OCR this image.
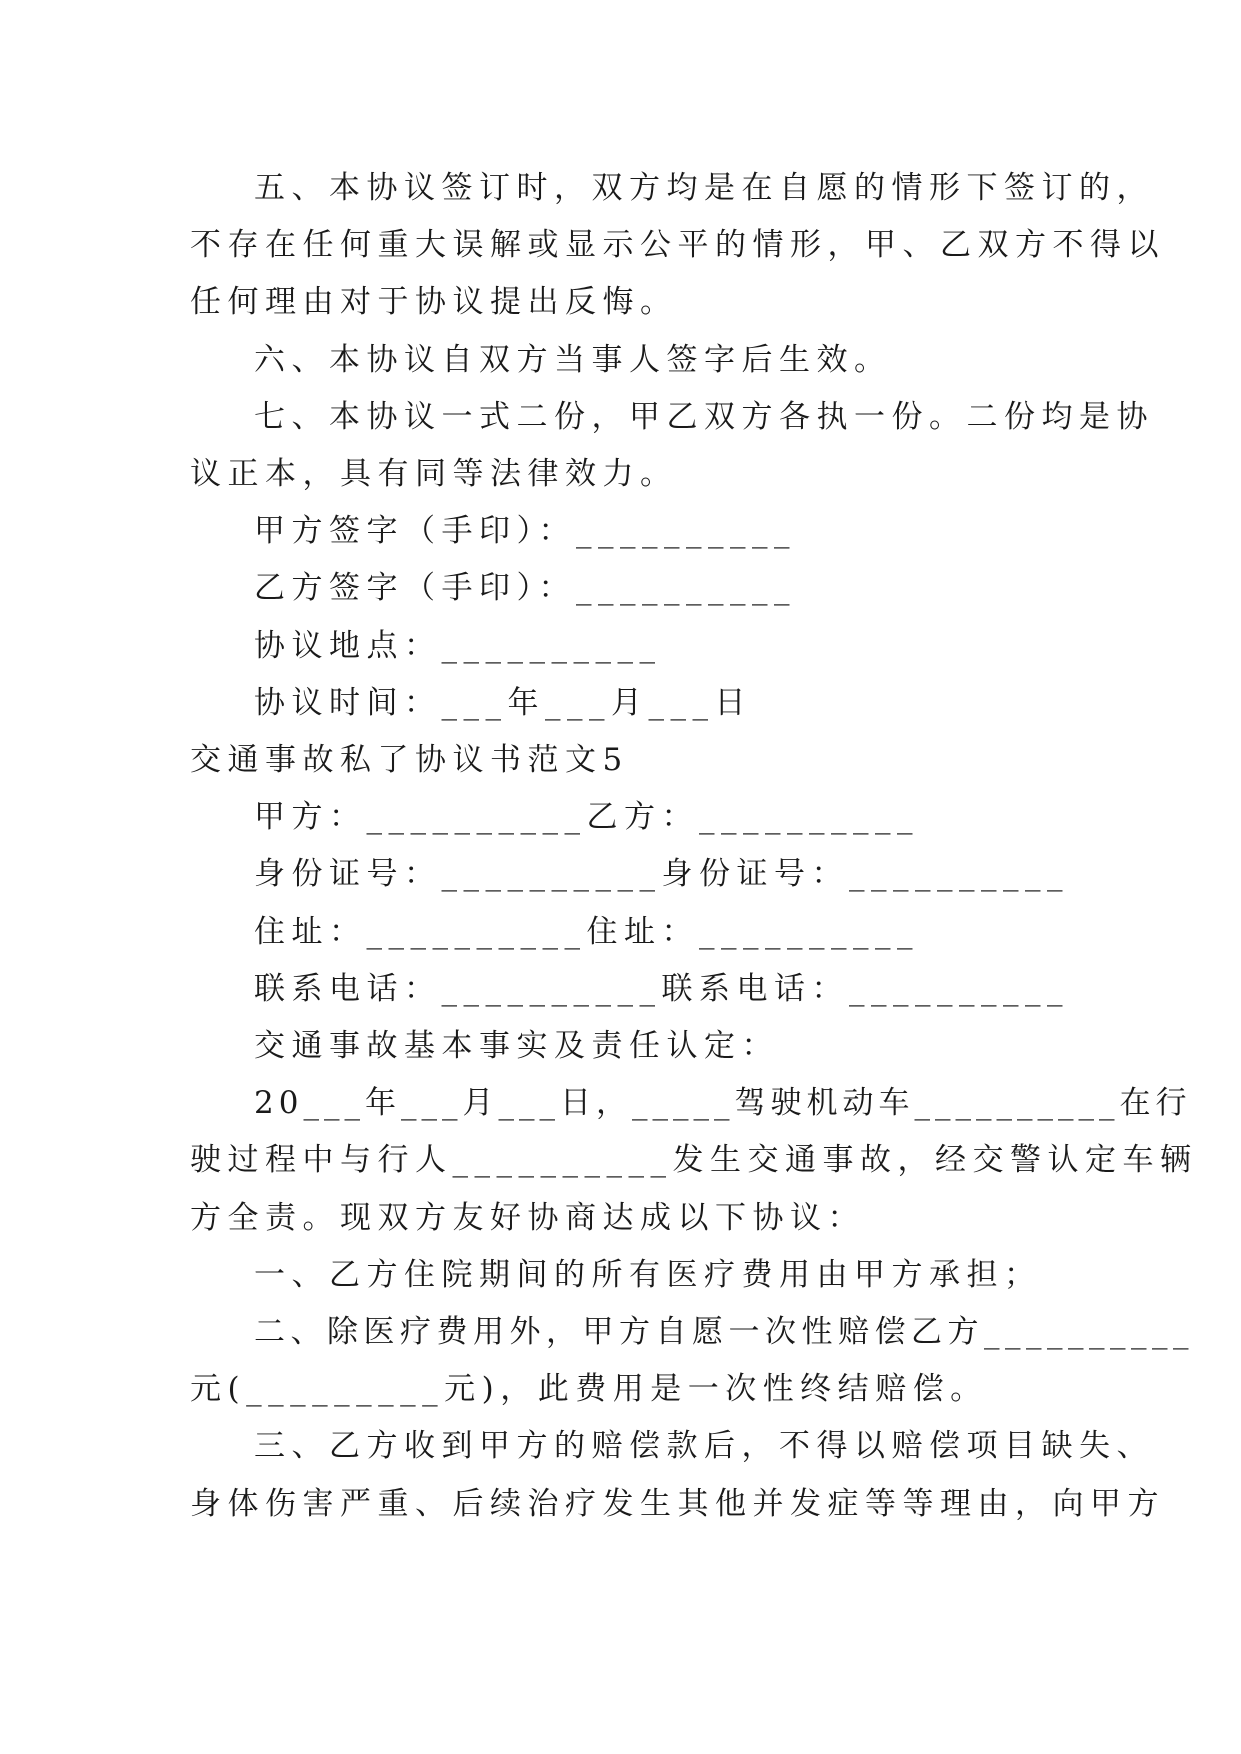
五、本协议签订时，双方均是在自愿的情形下签订的，
不存在任何重大误解或显示公平的情形，甲、乙双方不得以
任何理由对于协议提出反悔。
六、本协议自双方当事人签字后生效。
七、本协议一式二份，甲乙双方各执一份。二份均是协
议正本，具有同等法律效力。
甲方签字（手印）：__________
乙方签字（手印）：__________
协议地点：__________
协议时间：___年___月___日
交通事故私了协议书范文5
甲方：__________乙方：__________
身份证号：__________身份证号：__________
住址：__________住址：__________
联系电话：__________联系电话：__________
交通事故基本事实及责任认定：
20___年___月___日，_____驾驶机动车__________在行
驶过程中与行人__________发生交通事故，经交警认定车辆
方全责。现双方友好协商达成以下协议：
一、乙方住院期间的所有医疗费用由甲方承担；
二、除医疗费用外，甲方自愿一次性赔偿乙方__________
元(_________元)，此费用是一次性终结赔偿。
三、乙方收到甲方的赔偿款后，不得以赔偿项目缺失、
身体伤害严重、后续治疗发生其他并发症等等理由，向甲方
